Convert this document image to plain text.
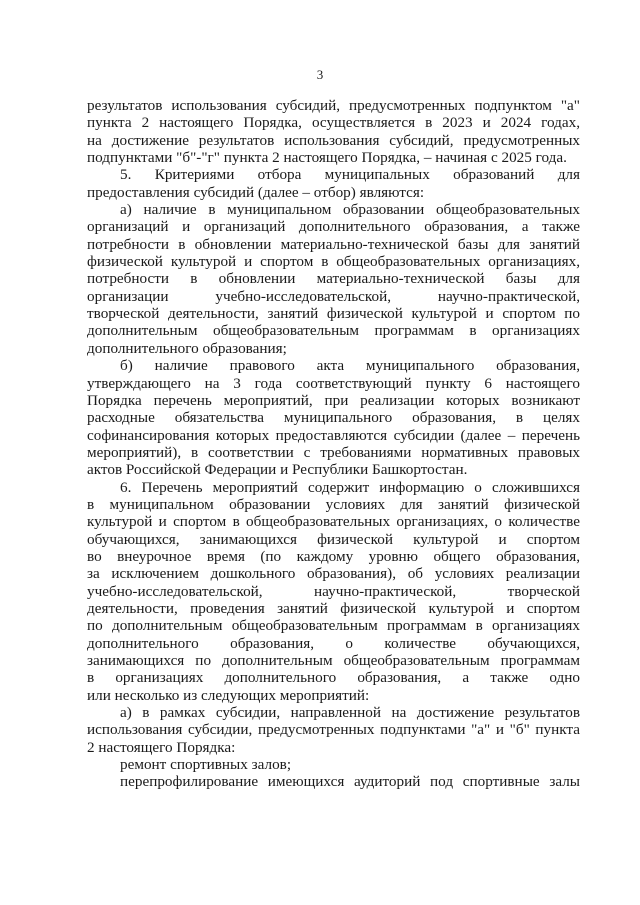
3

результатов использования субсидий, предусмотренных подпунктом "а"

пункта 2 настоящего Порядка, осуществляется в 2023 и 2024 годах,

на достижение результатов использования субсидий, предусмотренных

подпунктами "б"-"г" пункта 2 настоящего Порядка, – начиная с 2025 года.

5. Критериями отбора муниципальных образований для

предоставления субсидий (далее – отбор) являются:

а) наличие в муниципальном образовании общеобразовательных

организаций и организаций дополнительного образования, а также

потребности в обновлении материально-технической базы для занятий

физической культурой и спортом в общеобразовательных организациях,

потребности в обновлении материально-технической базы для

организации учебно-исследовательской, научно-практической,

творческой деятельности, занятий физической культурой и спортом по

дополнительным общеобразовательным программам в организациях

дополнительного образования;

б) наличие правового акта муниципального образования,

утверждающего на 3 года соответствующий пункту 6 настоящего

Порядка перечень мероприятий, при реализации которых возникают

расходные обязательства муниципального образования, в целях

софинансирования которых предоставляются субсидии (далее – перечень

мероприятий), в соответствии с требованиями нормативных правовых

актов Российской Федерации и Республики Башкортостан.

6. Перечень мероприятий содержит информацию о сложившихся

в муниципальном образовании условиях для занятий физической

культурой и спортом в общеобразовательных организациях, о количестве

обучающихся, занимающихся физической культурой и спортом

во внеурочное время (по каждому уровню общего образования,

за исключением дошкольного образования), об условиях реализации

учебно-исследовательской, научно-практической, творческой

деятельности, проведения занятий физической культурой и спортом

по дополнительным общеобразовательным программам в организациях

дополнительного образования, о количестве обучающихся,

занимающихся по дополнительным общеобразовательным программам

в организациях дополнительного образования, а также одно

или несколько из следующих мероприятий:

а) в рамках субсидии, направленной на достижение результатов

использования субсидии, предусмотренных подпунктами "а" и "б" пункта

2 настоящего Порядка:

ремонт спортивных залов;

перепрофилирование имеющихся аудиторий под спортивные залы
